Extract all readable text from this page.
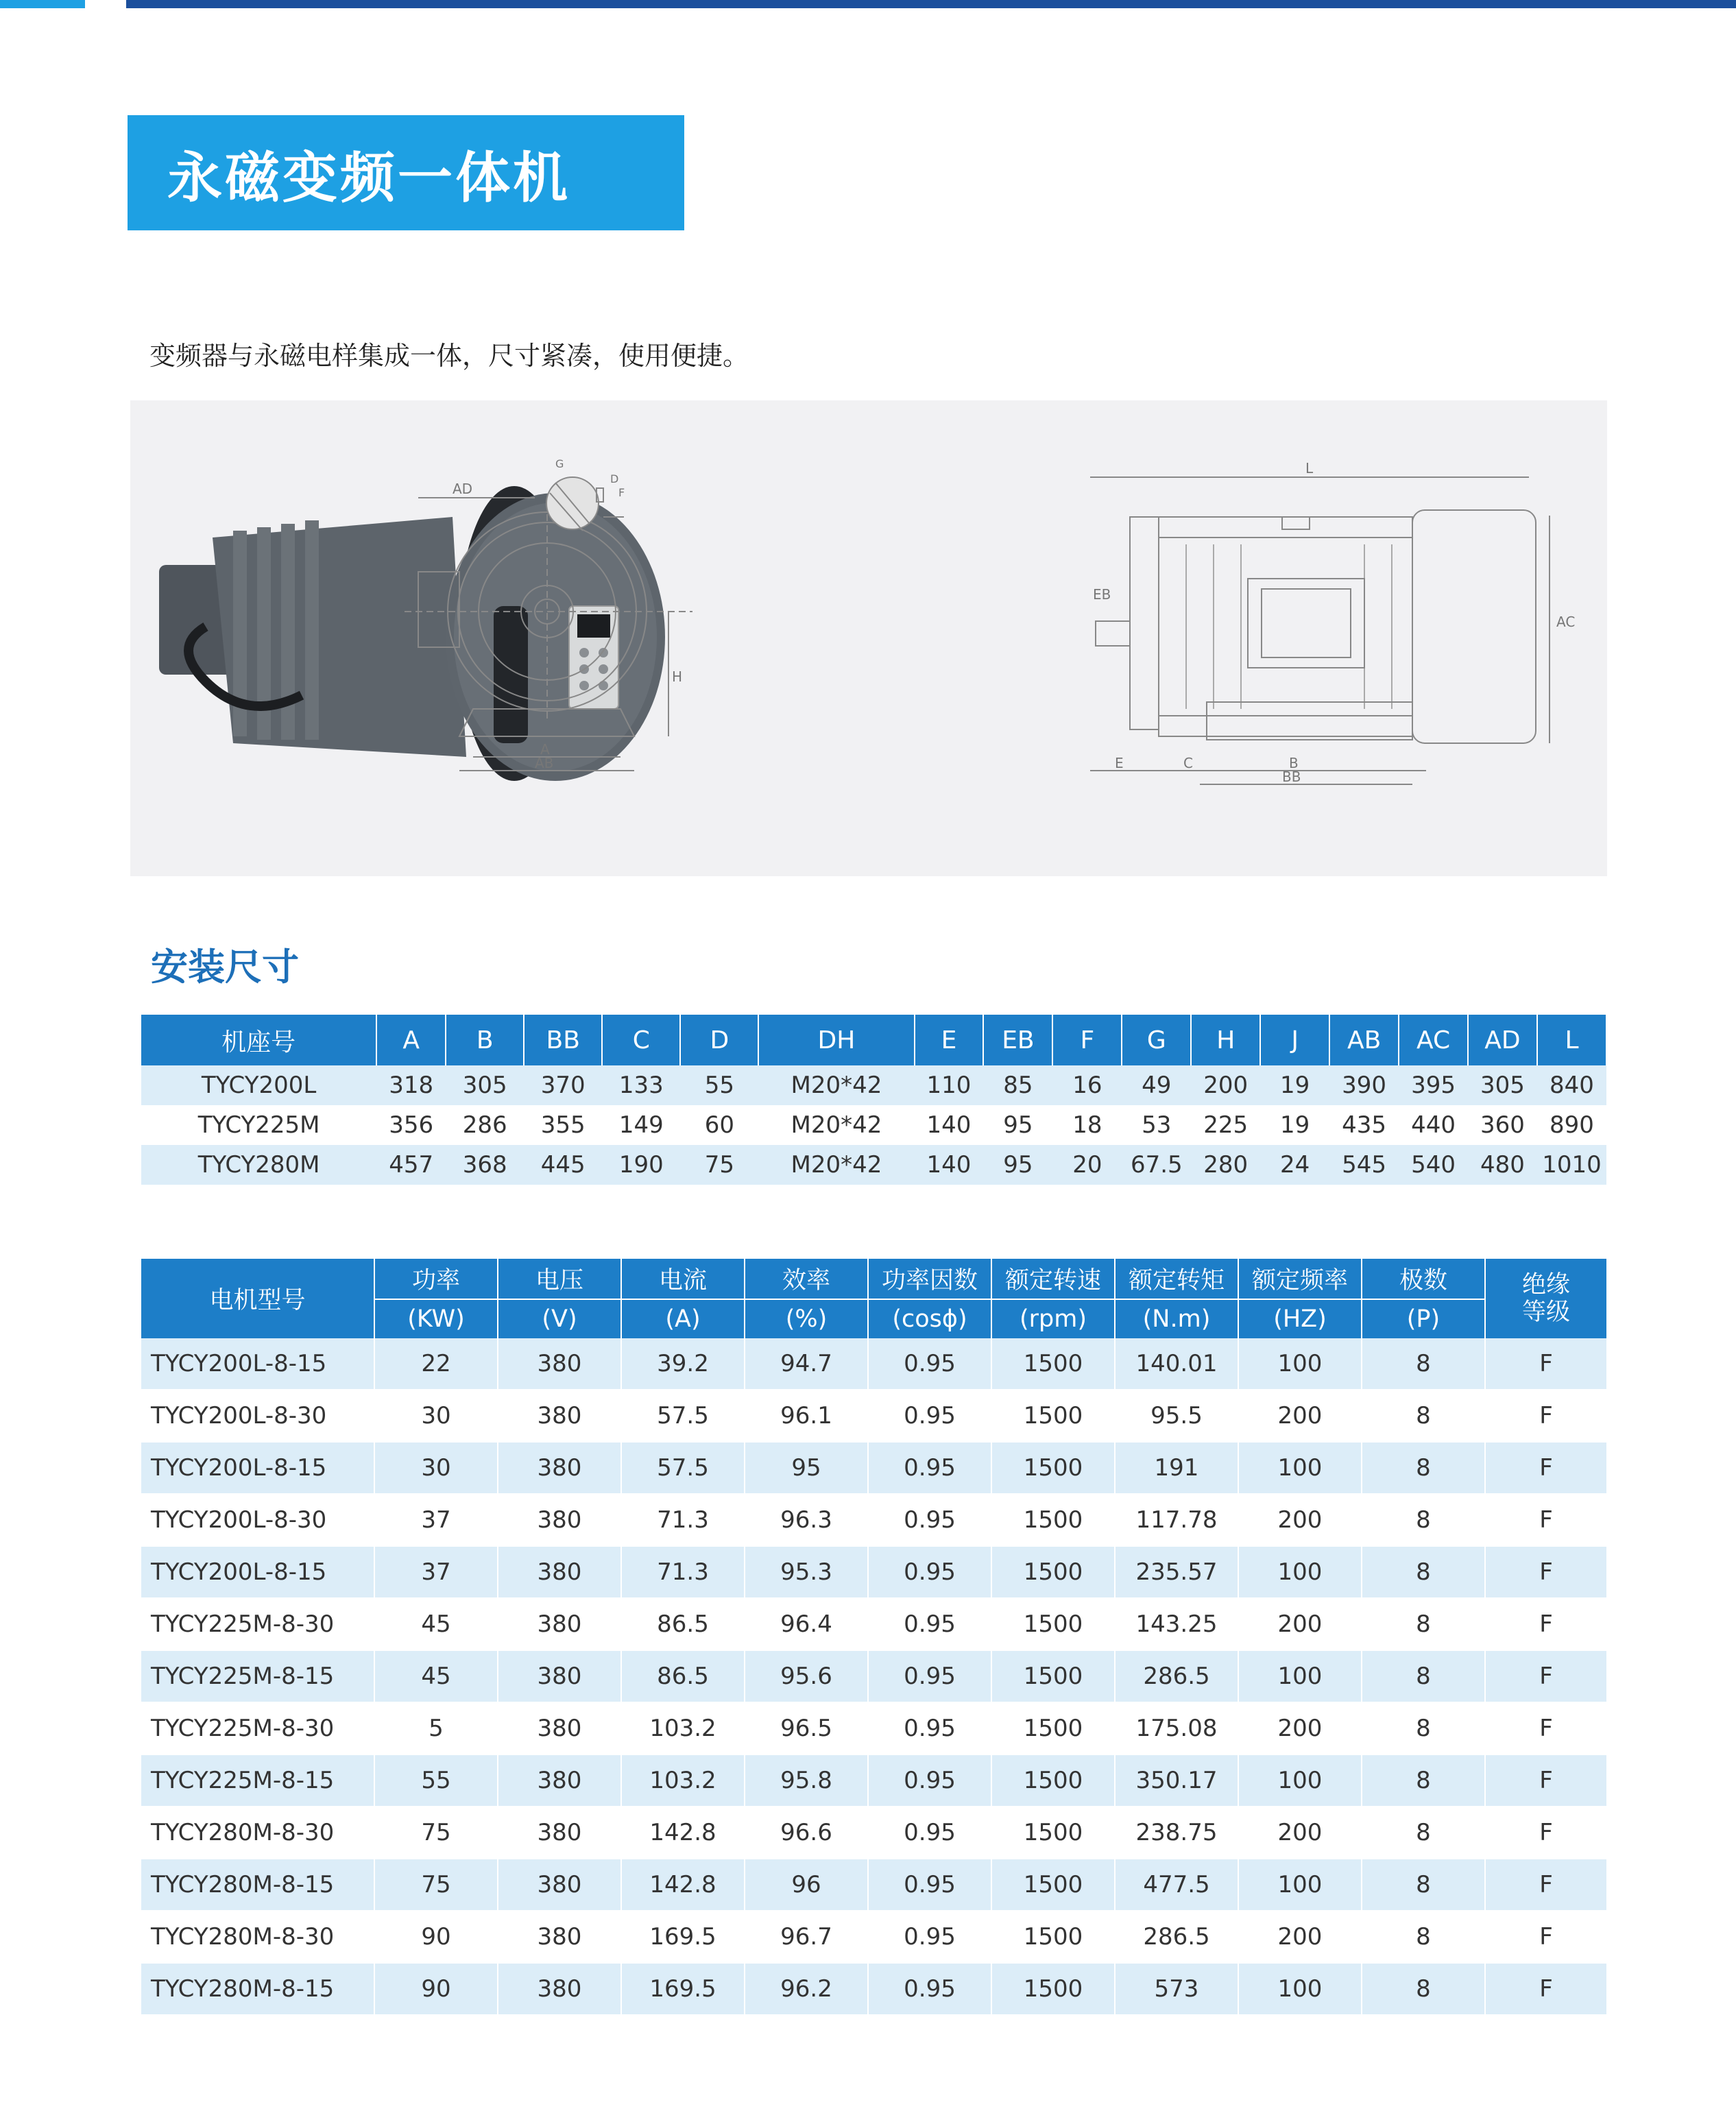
永磁变频一体机
变频器与永磁电样集成一体，尺寸紧凑，使用便捷。
AD
H
A
AB
G
D
F
L
EB
AC
E	C	B
BB
安装尺寸
机座号	A	B	BB	C	D	DH	E	EB	F	G	H	J	AB	AC	AD	L
TYCY200L	318	305	370	133	55	M20*42	110	85	16	49	200	19	390	395	305	840
TYCY225M	356	286	355	149	60	M20*42	140	95	18	53	225	19	435	440	360	890
TYCY280M	457	368	445	190	75	M20*42	140	95	20	67.5	280	24	545	540	480	1010
电机型号	功率	电压	电流	效率	功率因数	额定转速	额定转矩	额定频率	极数	绝缘
等级
	(KW)	(V)	(A)	(%)	(cosϕ)	(rpm)	(N.m)	(HZ)	(P)	
TYCY200L-8-15	22	380	39.2	94.7	0.95	1500	140.01	100	8	F
TYCY200L-8-30	30	380	57.5	96.1	0.95	1500	95.5	200	8	F
TYCY200L-8-15	30	380	57.5	95	0.95	1500	191	100	8	F
TYCY200L-8-30	37	380	71.3	96.3	0.95	1500	117.78	200	8	F
TYCY200L-8-15	37	380	71.3	95.3	0.95	1500	235.57	100	8	F
TYCY225M-8-30	45	380	86.5	96.4	0.95	1500	143.25	200	8	F
TYCY225M-8-15	45	380	86.5	95.6	0.95	1500	286.5	100	8	F
TYCY225M-8-30	5	380	103.2	96.5	0.95	1500	175.08	200	8	F
TYCY225M-8-15	55	380	103.2	95.8	0.95	1500	350.17	100	8	F
TYCY280M-8-30	75	380	142.8	96.6	0.95	1500	238.75	200	8	F
TYCY280M-8-15	75	380	142.8	96	0.95	1500	477.5	100	8	F
TYCY280M-8-30	90	380	169.5	96.7	0.95	1500	286.5	200	8	F
TYCY280M-8-15	90	380	169.5	96.2	0.95	1500	573	100	8	F
